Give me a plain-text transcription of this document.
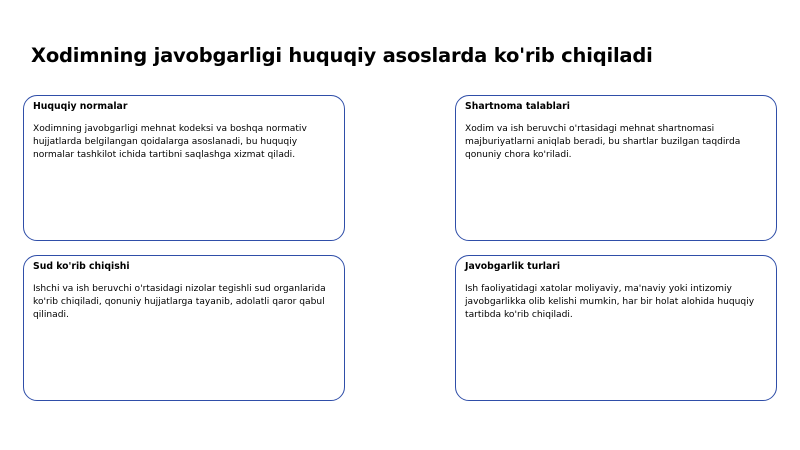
Xodimning javobgarligi huquqiy asoslarda ko'rib chiqiladi

Huquqiy normalar

Xodimning javobgarligi mehnat kodeksi va boshqa normativ hujjatlarda belgilangan qoidalarga asoslanadi, bu huquqiy normalar tashkilot ichida tartibni saqlashga xizmat qiladi.

Shartnoma talablari

Xodim va ish beruvchi o'rtasidagi mehnat shartnomasi majburiyatlarni aniqlab beradi, bu shartlar buzilgan taqdirda qonuniy chora ko'riladi.

Sud ko'rib chiqishi

Ishchi va ish beruvchi o'rtasidagi nizolar tegishli sud organlarida ko'rib chiqiladi, qonuniy hujjatlarga tayanib, adolatli qaror qabul qilinadi.

Javobgarlik turlari

Ish faoliyatidagi xatolar moliyaviy, ma'naviy yoki intizomiy javobgarlikka olib kelishi mumkin, har bir holat alohida huquqiy tartibda ko'rib chiqiladi.
